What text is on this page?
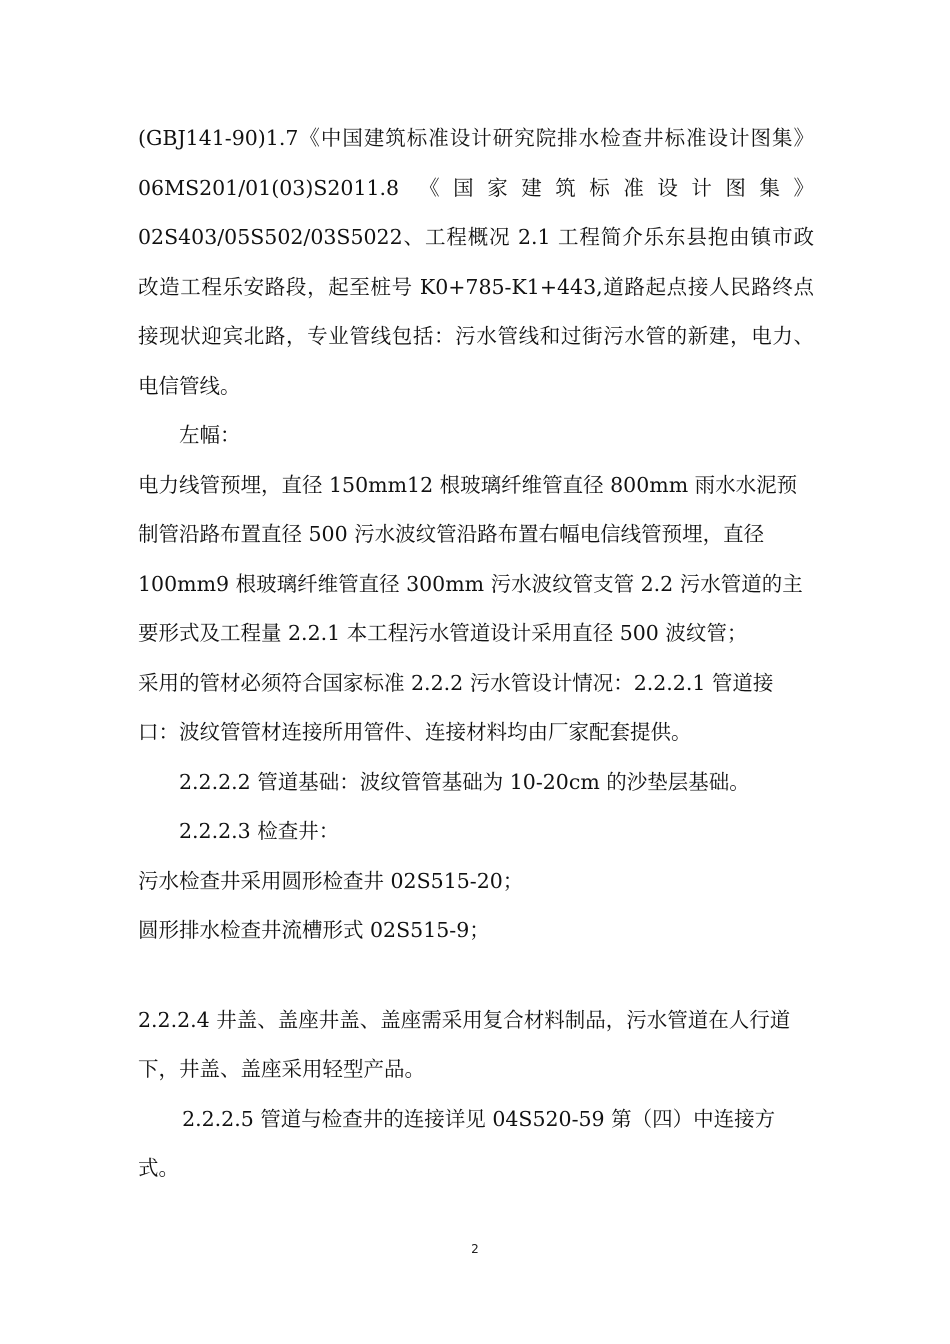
(GBJ141-90)1.7《中国建筑标准设计研究院排水检查井标准设计图集》 06MS201/01(03)S2011.8 《国家建筑标准设计图集》02S403/05S502/03S5022、工程概况 2.1 工程简介乐东县抱由镇市政改造工程乐安路段，起至桩号 K0+785-K1+443,道路起点接人民路终点接现状迎宾北路，专业管线包括：污水管线和过街污水管的新建，电力、电信管线。

左幅：

电力线管预埋，直径 150mm12 根玻璃纤维管直径 800mm 雨水水泥预制管沿路布置直径 500 污水波纹管沿路布置右幅电信线管预埋，直径 100mm9 根玻璃纤维管直径 300mm 污水波纹管支管 2.2 污水管道的主要形式及工程量 2.2.1 本工程污水管道设计采用直径 500 波纹管；

采用的管材必须符合国家标准 2.2.2 污水管设计情况：2.2.2.1 管道接口：波纹管管材连接所用管件、连接材料均由厂家配套提供。

2.2.2.2 管道基础：波纹管管基础为 10-20cm 的沙垫层基础。

2.2.2.3 检查井：

污水检查井采用圆形检查井 02S515-20；

圆形排水检查井流槽形式 02S515-9；

2.2.2.4 井盖、盖座井盖、盖座需采用复合材料制品，污水管道在人行道下，井盖、盖座采用轻型产品。

2.2.2.5 管道与检查井的连接详见 04S520-59 第（四）中连接方式。

2
